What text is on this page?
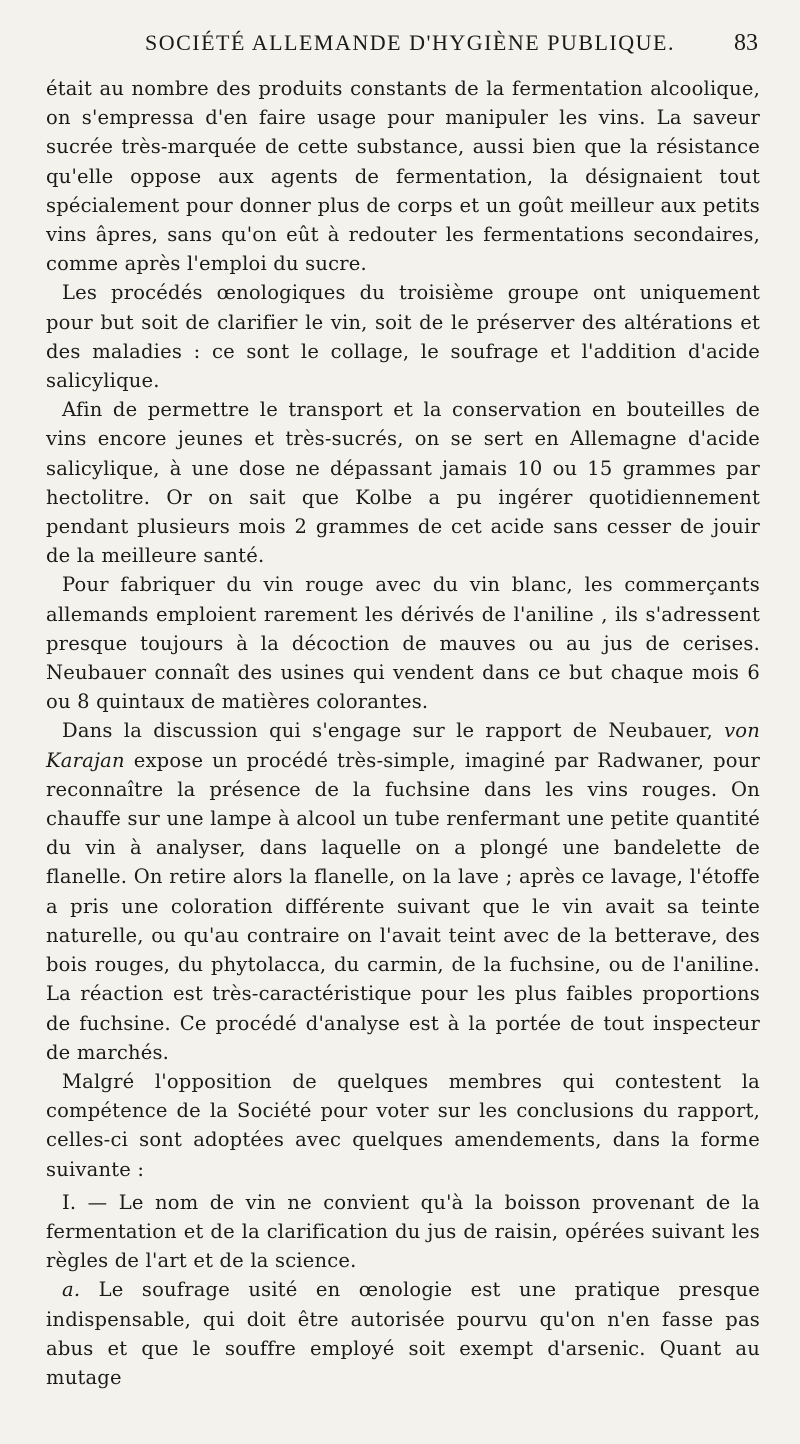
SOCIÉTÉ ALLEMANDE D'HYGIÈNE PUBLIQUE.	83

était au nombre des produits constants de la fermentation alcoolique, on s'empressa d'en faire usage pour manipuler les vins. La saveur sucrée très-marquée de cette substance, aussi bien que la résistance qu'elle oppose aux agents de fermentation, la désignaient tout spécialement pour donner plus de corps et un goût meilleur aux petits vins âpres, sans qu'on eût à redouter les fermentations secondaires, comme après l'emploi du sucre.

Les procédés œnologiques du troisième groupe ont uniquement pour but soit de clarifier le vin, soit de le préserver des altérations et des maladies : ce sont le collage, le soufrage et l'addition d'acide salicylique.

Afin de permettre le transport et la conservation en bouteilles de vins encore jeunes et très-sucrés, on se sert en Allemagne d'acide salicylique, à une dose ne dépassant jamais 10 ou 15 grammes par hectolitre. Or on sait que Kolbe a pu ingérer quotidiennement pendant plusieurs mois 2 grammes de cet acide sans cesser de jouir de la meilleure santé.

Pour fabriquer du vin rouge avec du vin blanc, les commerçants allemands emploient rarement les dérivés de l'aniline , ils s'adressent presque toujours à la décoction de mauves ou au jus de cerises. Neubauer connaît des usines qui vendent dans ce but chaque mois 6 ou 8 quintaux de matières colorantes.

Dans la discussion qui s'engage sur le rapport de Neubauer, von Karajan expose un procédé très-simple, imaginé par Radwaner, pour reconnaître la présence de la fuchsine dans les vins rouges. On chauffe sur une lampe à alcool un tube renfermant une petite quantité du vin à analyser, dans laquelle on a plongé une bandelette de flanelle. On retire alors la flanelle, on la lave ; après ce lavage, l'étoffe a pris une coloration différente suivant que le vin avait sa teinte naturelle, ou qu'au contraire on l'avait teint avec de la betterave, des bois rouges, du phytolacca, du carmin, de la fuchsine, ou de l'aniline. La réaction est très-caractéristique pour les plus faibles proportions de fuchsine. Ce procédé d'analyse est à la portée de tout inspecteur de marchés.

Malgré l'opposition de quelques membres qui contestent la compétence de la Société pour voter sur les conclusions du rapport, celles-ci sont adoptées avec quelques amendements, dans la forme suivante :

I. — Le nom de vin ne convient qu'à la boisson provenant de la fermentation et de la clarification du jus de raisin, opérées suivant les règles de l'art et de la science.

a. Le soufrage usité en œnologie est une pratique presque indispensable, qui doit être autorisée pourvu qu'on n'en fasse pas abus et que le souffre employé soit exempt d'arsenic. Quant au mutage
